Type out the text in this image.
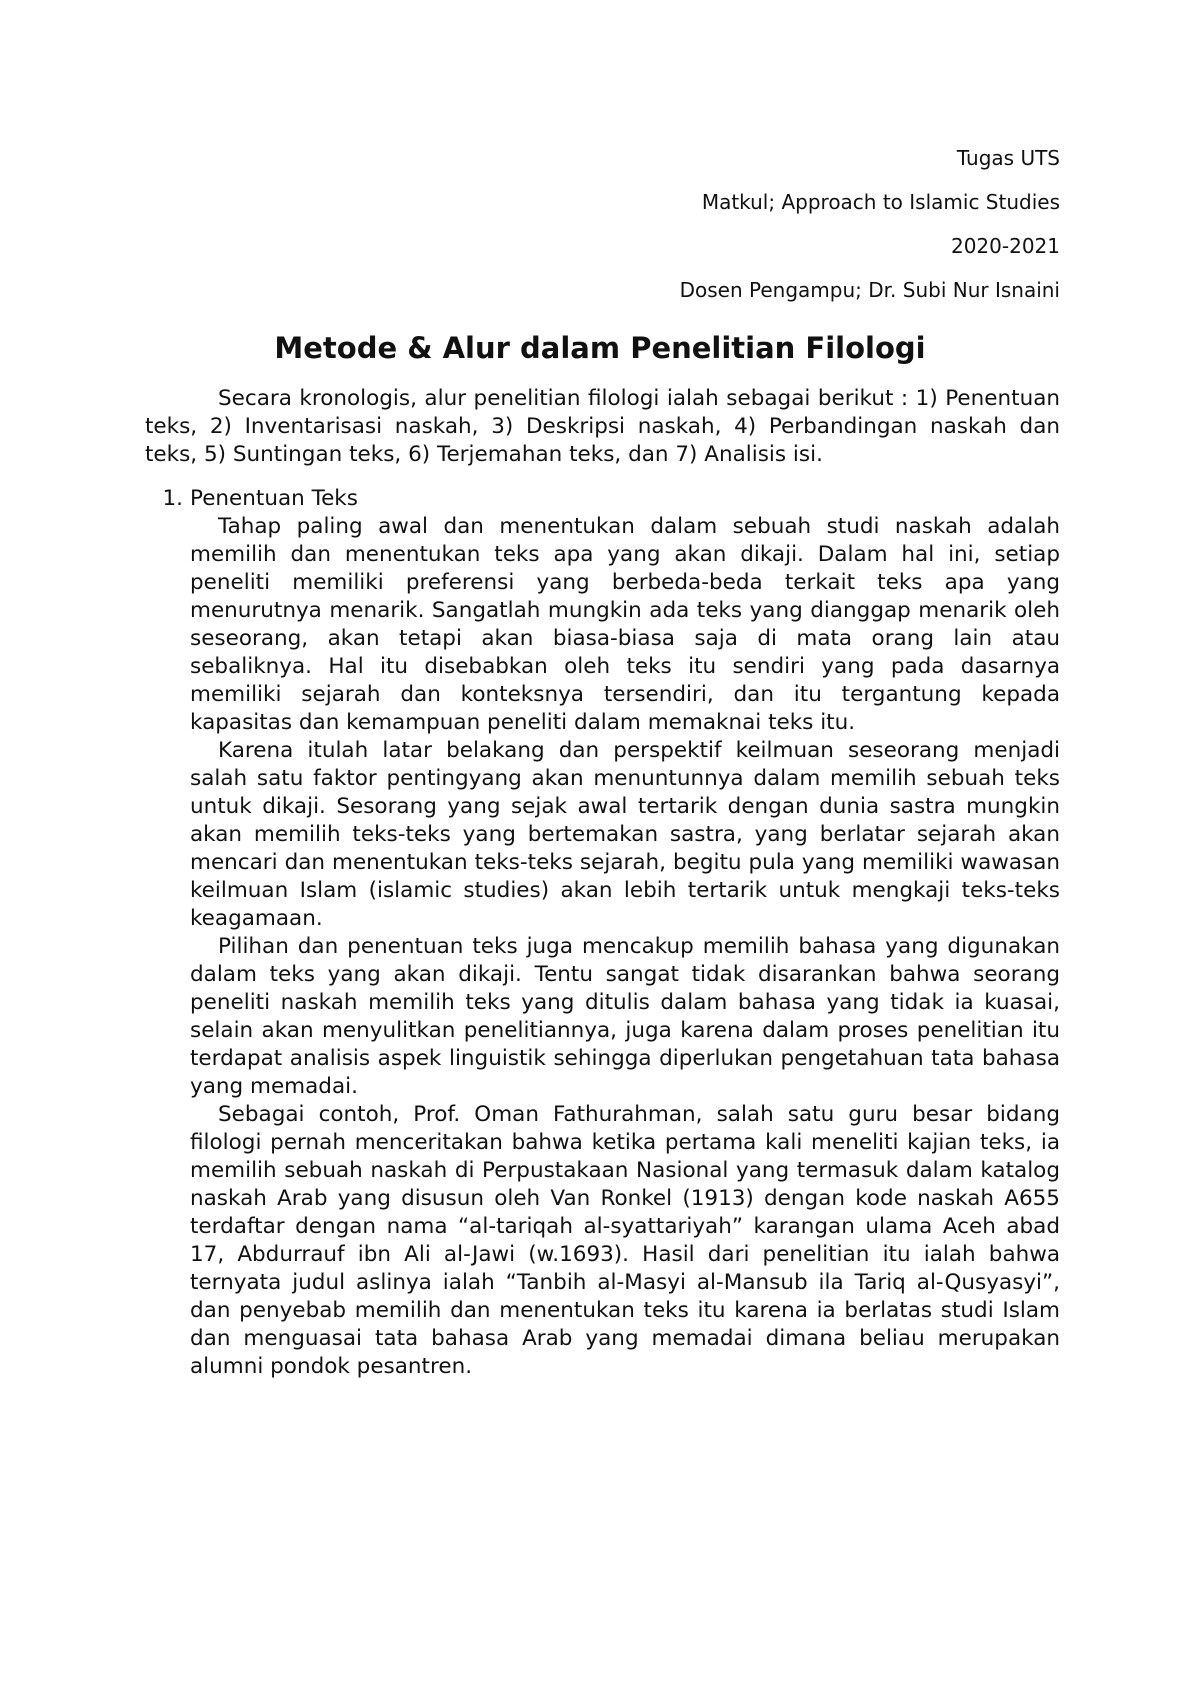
Tugas UTS

Matkul; Approach to Islamic Studies

2020-2021

Dosen Pengampu; Dr. Subi Nur Isnaini

Metode & Alur dalam Penelitian Filologi

Secara kronologis, alur penelitian filologi ialah sebagai berikut : 1) Penentuan teks, 2) Inventarisasi naskah, 3) Deskripsi naskah, 4) Perbandingan naskah dan teks, 5) Suntingan teks, 6) Terjemahan teks, dan 7) Analisis isi.

1. Penentuan Teks

Tahap paling awal dan menentukan dalam sebuah studi naskah adalah memilih dan menentukan teks apa yang akan dikaji. Dalam hal ini, setiap peneliti memiliki preferensi yang berbeda-beda terkait teks apa yang menurutnya menarik. Sangatlah mungkin ada teks yang dianggap menarik oleh seseorang, akan tetapi akan biasa-biasa saja di mata orang lain atau sebaliknya. Hal itu disebabkan oleh teks itu sendiri yang pada dasarnya memiliki sejarah dan konteksnya tersendiri, dan itu tergantung kepada kapasitas dan kemampuan peneliti dalam memaknai teks itu.

Karena itulah latar belakang dan perspektif keilmuan seseorang menjadi salah satu faktor pentingyang akan menuntunnya dalam memilih sebuah teks untuk dikaji. Sesorang yang sejak awal tertarik dengan dunia sastra mungkin akan memilih teks-teks yang bertemakan sastra, yang berlatar sejarah akan mencari dan menentukan teks-teks sejarah, begitu pula yang memiliki wawasan keilmuan Islam (islamic studies) akan lebih tertarik untuk mengkaji teks-teks keagamaan.

Pilihan dan penentuan teks juga mencakup memilih bahasa yang digunakan dalam teks yang akan dikaji. Tentu sangat tidak disarankan bahwa seorang peneliti naskah memilih teks yang ditulis dalam bahasa yang tidak ia kuasai, selain akan menyulitkan penelitiannya, juga karena dalam proses penelitian itu terdapat analisis aspek linguistik sehingga diperlukan pengetahuan tata bahasa yang memadai.

Sebagai contoh, Prof. Oman Fathurahman, salah satu guru besar bidang filologi pernah menceritakan bahwa ketika pertama kali meneliti kajian teks, ia memilih sebuah naskah di Perpustakaan Nasional yang termasuk dalam katalog naskah Arab yang disusun oleh Van Ronkel (1913) dengan kode naskah A655 terdaftar dengan nama “al-tariqah al-syattariyah” karangan ulama Aceh abad 17, Abdurrauf ibn Ali al-Jawi (w.1693). Hasil dari penelitian itu ialah bahwa ternyata judul aslinya ialah “Tanbih al-Masyi al-Mansub ila Tariq al-Qusyasyi”, dan penyebab memilih dan menentukan teks itu karena ia berlatas studi Islam dan menguasai tata bahasa Arab yang memadai dimana beliau merupakan alumni pondok pesantren.
